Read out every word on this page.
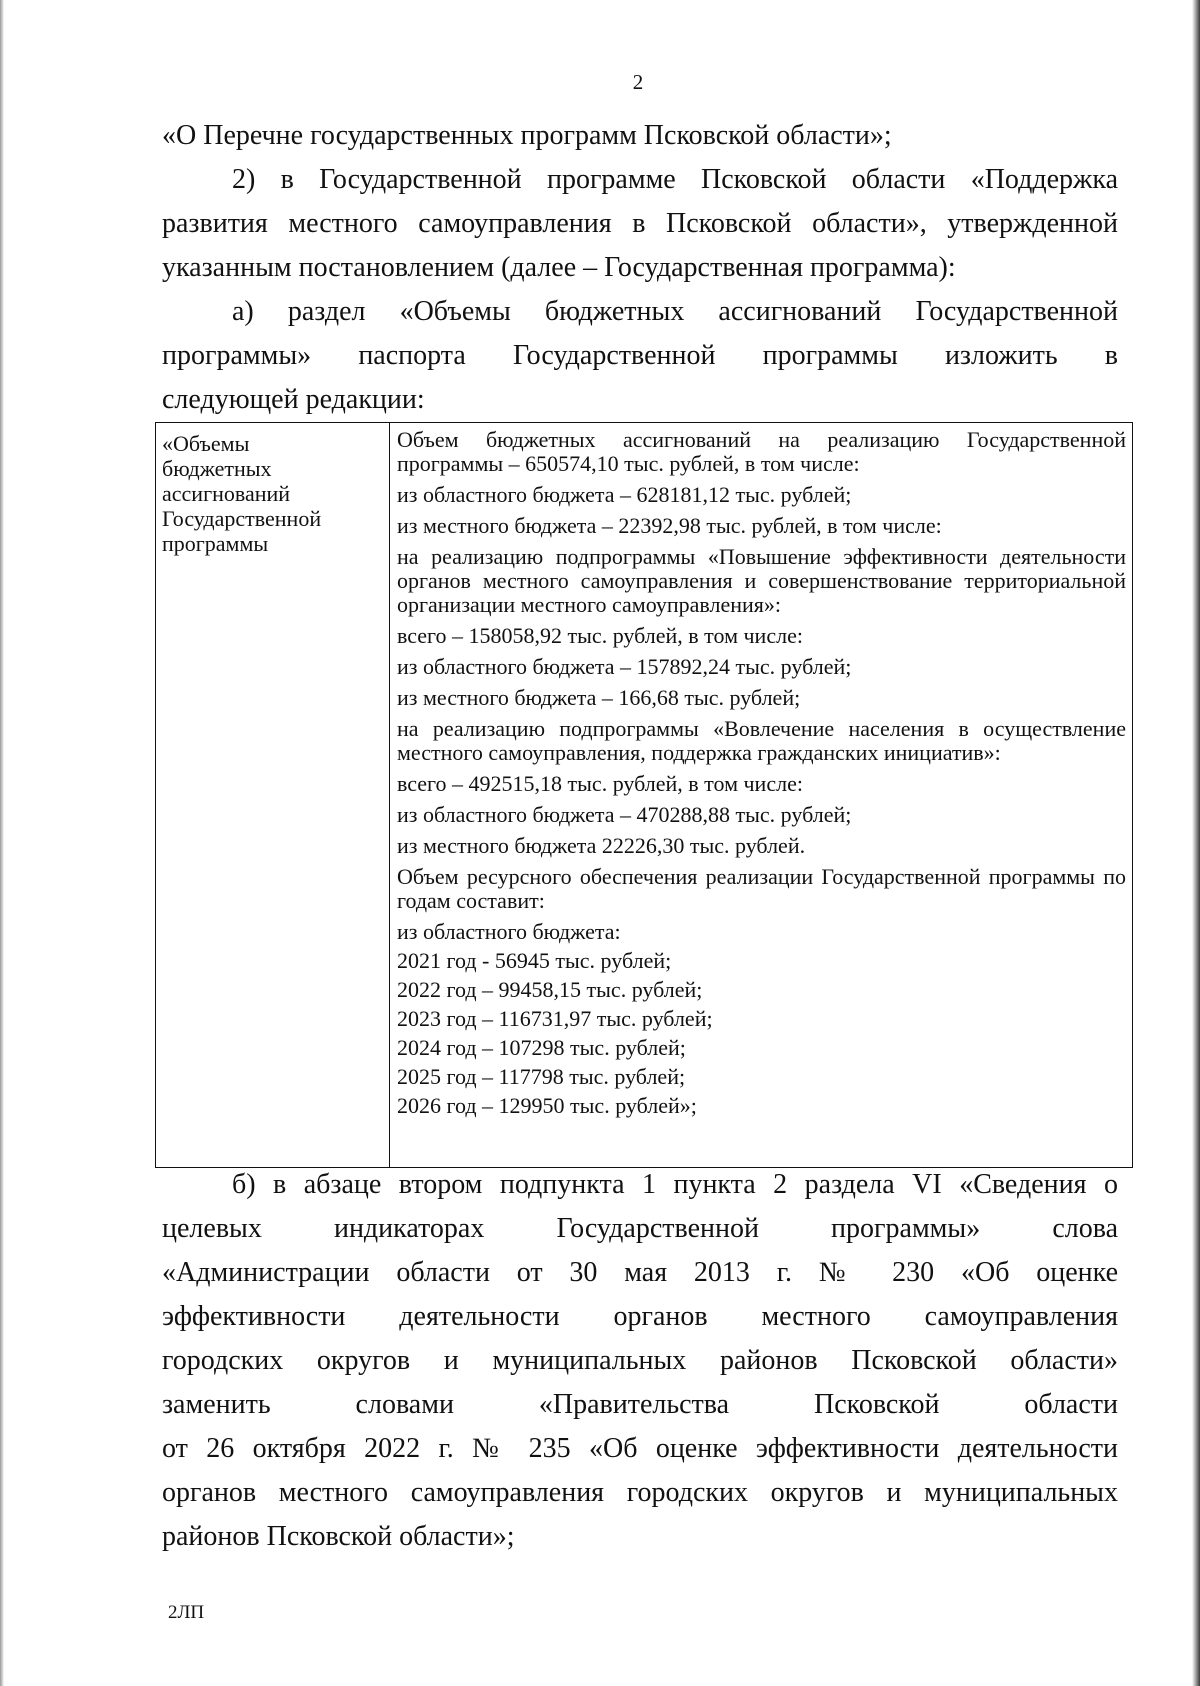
2
«О Перечне государственных программ Псковской области»;
2) в Государственной программе Псковской области «Поддержка
развития местного самоуправления в Псковской области», утвержденной
указанным постановлением (далее – Государственная программа):
а) раздел «Объемы бюджетных ассигнований Государственной
программы» паспорта Государственной программы изложить в
следующей редакции:
«Объемы
бюджетных
ассигнований
Государственной
программы

Объем бюджетных ассигнований на реализацию Государственной программы – 650574,10 тыс. рублей, в том числе:

из областного бюджета – 628181,12 тыс. рублей;

из местного бюджета – 22392,98 тыс. рублей, в том числе:

на реализацию подпрограммы «Повышение эффективности деятельности органов местного самоуправления и совершенствование территориальной организации местного самоуправления»:

всего – 158058,92 тыс. рублей, в том числе:

из областного бюджета – 157892,24 тыс. рублей;

из местного бюджета – 166,68 тыс. рублей;

на реализацию подпрограммы «Вовлечение населения в осуществление местного самоуправления, поддержка гражданских инициатив»:

всего – 492515,18 тыс. рублей, в том числе:

из областного бюджета – 470288,88 тыс. рублей;

из местного бюджета 22226,30 тыс. рублей.

Объем ресурсного обеспечения реализации Государственной программы по годам составит:

из областного бюджета:

2021 год - 56945 тыс. рублей;

2022 год – 99458,15 тыс. рублей;

2023 год – 116731,97 тыс. рублей;

2024 год – 107298 тыс. рублей;

2025 год – 117798 тыс. рублей;

2026 год – 129950 тыс. рублей»;

б) в абзаце втором подпункта 1 пункта 2 раздела VI «Сведения о
целевых индикаторах Государственной программы» слова
«Администрации области от 30 мая 2013 г. № 230 «Об оценке
эффективности деятельности органов местного самоуправления
городских округов и муниципальных районов Псковской области»
заменить словами «Правительства Псковской области
от 26 октября 2022 г. № 235 «Об оценке эффективности деятельности
органов местного самоуправления городских округов и муниципальных
районов Псковской области»;
2ЛП
